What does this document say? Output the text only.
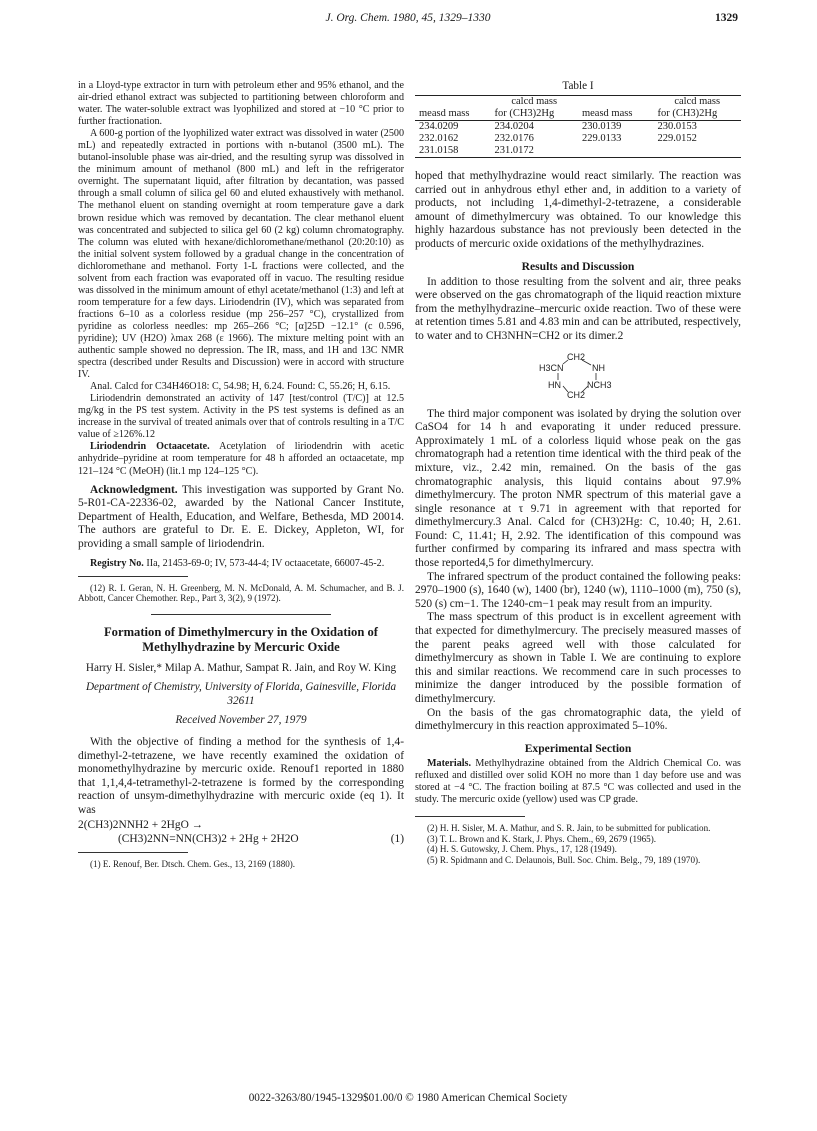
J. Org. Chem. 1980, 45, 1329–1330	1329

in a Lloyd-type extractor in turn with petroleum ether and 95% ethanol, and the air-dried ethanol extract was subjected to partitioning between chloroform and water. The water-soluble extract was lyophilized and stored at −10 °C prior to further fractionation.

A 600-g portion of the lyophilized water extract was dissolved in water (2500 mL) and repeatedly extracted in portions with n-butanol (3500 mL). The butanol-insoluble phase was air-dried, and the resulting syrup was dissolved in the minimum amount of methanol (800 mL) and left in the refrigerator overnight. The supernatant liquid, after filtration by decantation, was passed through a small column of silica gel 60 and eluted exhaustively with methanol. The methanol eluent on standing overnight at room temperature gave a dark brown residue which was removed by decantation. The clear methanol eluent was concentrated and subjected to silica gel 60 (2 kg) column chromatography. The column was eluted with hexane/dichloromethane/methanol (20:20:10) as the initial solvent system followed by a gradual change in the concentration of dichloromethane and methanol. Forty 1-L fractions were collected, and the solvent from each fraction was evaporated off in vacuo. The resulting residue was dissolved in the minimum amount of ethyl acetate/methanol (1:3) and left at room temperature for a few days. Liriodendrin (IV), which was separated from fractions 6–10 as a colorless residue (mp 256–257 °C), crystallized from pyridine as colorless needles: mp 265–266 °C; [α]25D −12.1° (c 0.596, pyridine); UV (H2O) λmax 268 (ε 1966). The mixture melting point with an authentic sample showed no depression. The IR, mass, and 1H and 13C NMR spectra (described under Results and Discussion) were in accord with structure IV.

Anal. Calcd for C34H46O18: C, 54.98; H, 6.24. Found: C, 55.26; H, 6.15.

Liriodendrin demonstrated an activity of 147 [test/control (T/C)] at 12.5 mg/kg in the PS test system. Activity in the PS test systems is defined as an increase in the survival of treated animals over that of controls resulting in a T/C value of ≥126%.12

Liriodendrin Octaacetate. Acetylation of liriodendrin with acetic anhydride–pyridine at room temperature for 48 h afforded an octaacetate, mp 121–124 °C (MeOH) (lit.1 mp 124–125 °C).

Acknowledgment. This investigation was supported by Grant No. 5-R01-CA-22336-02, awarded by the National Cancer Institute, Department of Health, Education, and Welfare, Bethesda, MD 20014. The authors are grateful to Dr. E. E. Dickey, Appleton, WI, for providing a small sample of liriodendrin.

Registry No. IIa, 21453-69-0; IV, 573-44-4; IV octaacetate, 66007-45-2.

(12) R. I. Geran, N. H. Greenberg, M. N. McDonald, A. M. Schumacher, and B. J. Abbott, Cancer Chemother. Rep., Part 3, 3(2), 9 (1972).

Formation of Dimethylmercury in the Oxidation of Methylhydrazine by Mercuric Oxide
Harry H. Sisler,* Milap A. Mathur, Sampat R. Jain, and Roy W. King
Department of Chemistry, University of Florida, Gainesville, Florida 32611
Received November 27, 1979

With the objective of finding a method for the synthesis of 1,4-dimethyl-2-tetrazene, we have recently examined the oxidation of monomethylhydrazine by mercuric oxide. Renouf1 reported in 1880 that 1,1,4,4-tetramethyl-2-tetrazene is formed by the corresponding reaction of unsym-dimethylhydrazine with mercuric oxide (eq 1). It was

2(CH3)2NNH2 + 2HgO →
(CH3)2NN=NN(CH3)2 + 2Hg + 2H2O	(1)

(1) E. Renouf, Ber. Dtsch. Chem. Ges., 13, 2169 (1880).

Table I
	calcd mass		calcd mass
measd mass	for (CH3)2Hg	measd mass	for (CH3)2Hg
234.0209	234.0204	230.0139	230.0153
232.0162	232.0176	229.0133	229.0152
231.0158	231.0172		

hoped that methylhydrazine would react similarly. The reaction was carried out in anhydrous ethyl ether and, in addition to a variety of products, not including 1,4-dimethyl-2-tetrazene, a considerable amount of dimethylmercury was obtained. To our knowledge this highly hazardous substance has not previously been detected in the products of mercuric oxide oxidations of the methylhydrazines.

Results and Discussion

In addition to those resulting from the solvent and air, three peaks were observed on the gas chromatograph of the liquid reaction mixture from the methylhydrazine–mercuric oxide reaction. Two of these were at retention times 5.81 and 4.83 min and can be attributed, respectively, to water and to CH3NHN=CH2 or its dimer.2

CH2
H3CN	NH
HN	NCH3
CH2

The third major component was isolated by drying the solution over CaSO4 for 14 h and evaporating it under reduced pressure. Approximately 1 mL of a colorless liquid whose peak on the gas chromatograph had a retention time identical with the third peak of the mixture, viz., 2.42 min, remained. On the basis of the gas chromatographic analysis, this liquid contains about 97.9% dimethylmercury. The proton NMR spectrum of this material gave a single resonance at τ 9.71 in agreement with that reported for dimethylmercury.3 Anal. Calcd for (CH3)2Hg: C, 10.40; H, 2.61. Found: C, 11.41; H, 2.92. The identification of this compound was further confirmed by comparing its infrared and mass spectra with those reported4,5 for dimethylmercury.

The infrared spectrum of the product contained the following peaks: 2970–1900 (s), 1640 (w), 1400 (br), 1240 (w), 1110–1000 (m), 750 (s), 520 (s) cm−1. The 1240-cm−1 peak may result from an impurity.

The mass spectrum of this product is in excellent agreement with that expected for dimethylmercury. The precisely measured masses of the parent peaks agreed well with those calculated for dimethylmercury as shown in Table I. We are continuing to explore this and similar reactions. We recommend care in such processes to minimize the danger introduced by the possible formation of dimethylmercury.

On the basis of the gas chromatographic data, the yield of dimethylmercury in this reaction approximated 5–10%.

Experimental Section

Materials. Methylhydrazine obtained from the Aldrich Chemical Co. was refluxed and distilled over solid KOH no more than 1 day before use and was stored at −4 °C. The fraction boiling at 87.5 °C was collected and used in the study. The mercuric oxide (yellow) used was CP grade.

(2) H. H. Sisler, M. A. Mathur, and S. R. Jain, to be submitted for publication.

(3) T. L. Brown and K. Stark, J. Phys. Chem., 69, 2679 (1965).

(4) H. S. Gutowsky, J. Chem. Phys., 17, 128 (1949).

(5) R. Spidmann and C. Delaunois, Bull. Soc. Chim. Belg., 79, 189 (1970).

0022-3263/80/1945-1329$01.00/0 © 1980 American Chemical Society
